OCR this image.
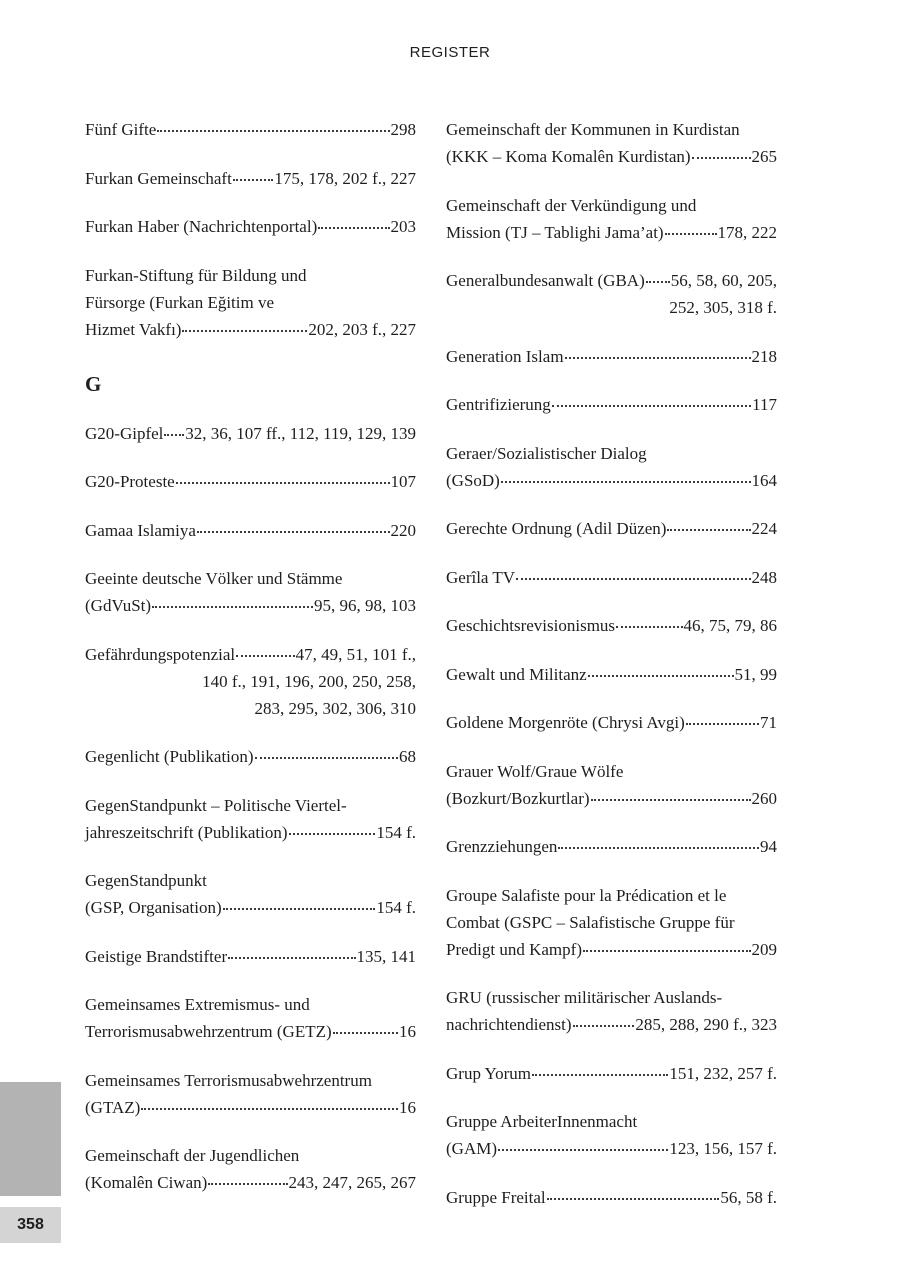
REGISTER
Fünf Gifte	298
Furkan Gemeinschaft	175, 178, 202 f., 227
Furkan Haber (Nachrichtenportal)	203
Furkan-Stiftung für Bildung und
Fürsorge (Furkan Eğitim ve
Hizmet Vakfı)	202, 203 f., 227
G
G20-Gipfel 32, 36, 107 ff., 112, 119, 129, 139
G20-Proteste	107
Gamaa Islamiya	220
Geeinte deutsche Völker und Stämme
(GdVuSt)	95, 96, 98, 103
Gefährdungspotenzial	47, 49, 51, 101 f.,
140 f., 191, 196, 200, 250, 258,
283, 295, 302, 306, 310
Gegenlicht (Publikation)	68
GegenStandpunkt – Politische Viertel-
jahreszeitschrift (Publikation)	154 f.
GegenStandpunkt
(GSP, Organisation)	154 f.
Geistige Brandstifter	135, 141
Gemeinsames Extremismus- und
Terrorismusabwehrzentrum (GETZ)	16
Gemeinsames Terrorismusabwehrzentrum
(GTAZ)	16
Gemeinschaft der Jugendlichen
(Komalên Ciwan)	243, 247, 265, 267
Gemeinschaft der Kommunen in Kurdistan
(KKK – Koma Komalên Kurdistan)	265
Gemeinschaft der Verkündigung und
Mission (TJ – Tablighi Jama’at)	178, 222
Generalbundesanwalt (GBA) 56, 58, 60, 205,
252, 305, 318 f.
Generation Islam	218
Gentrifizierung	117
Geraer/Sozialistischer Dialog
(GSoD)	164
Gerechte Ordnung (Adil Düzen)	224
Gerîla TV	248
Geschichtsrevisionismus	46, 75, 79, 86
Gewalt und Militanz	51, 99
Goldene Morgenröte (Chrysi Avgi)	71
Grauer Wolf/Graue Wölfe
(Bozkurt/Bozkurtlar)	260
Grenzziehungen	94
Groupe Salafiste pour la Prédication et le
Combat (GSPC – Salafistische Gruppe für
Predigt und Kampf)	209
GRU (russischer militärischer Auslands-
nachrichtendienst)	285, 288, 290 f., 323
Grup Yorum	151, 232, 257 f.
Gruppe ArbeiterInnenmacht
(GAM)	123, 156, 157 f.
Gruppe Freital	56, 58 f.
358
